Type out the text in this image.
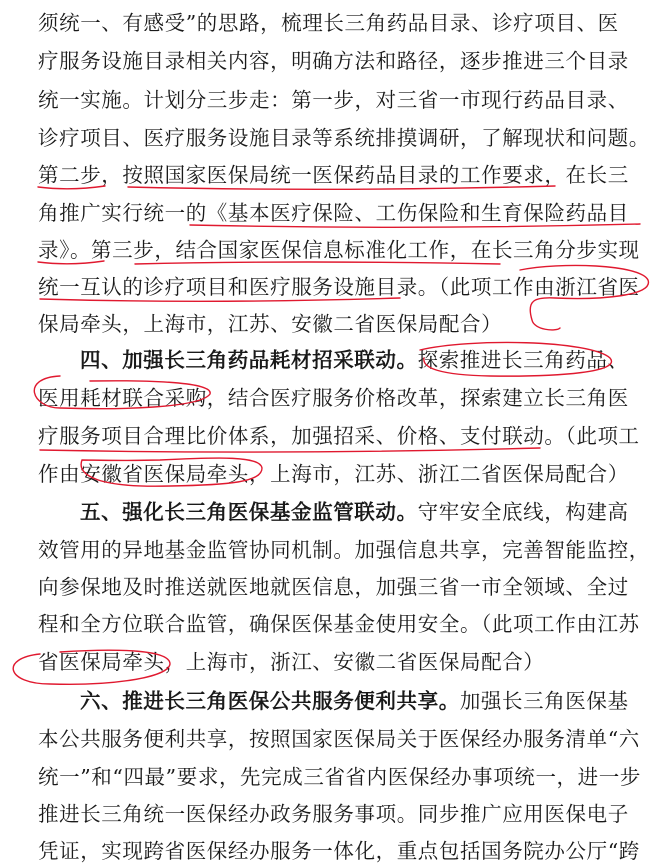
须统一、有感受”的思路，梳理长三角药品目录、诊疗项目、医
疗服务设施目录相关内容，明确方法和路径，逐步推进三个目录
统一实施。计划分三步走：第一步，对三省一市现行药品目录、
诊疗项目、医疗服务设施目录等系统排摸调研，了解现状和问题。
第二步，按照国家医保局统一医保药品目录的工作要求，在长三
角推广实行统一的《基本医疗保险、工伤保险和生育保险药品目
录》。第三步，结合国家医保信息标准化工作，在长三角分步实现
统一互认的诊疗项目和医疗服务设施目录。（此项工作由浙江省医
保局牵头，上海市，江苏、安徽二省医保局配合）
四、加强长三角药品耗材招采联动。探索推进长三角药品、
医用耗材联合采购，结合医疗服务价格改革，探索建立长三角医
疗服务项目合理比价体系，加强招采、价格、支付联动。（此项工
作由安徽省医保局牵头，上海市，江苏、浙江二省医保局配合）
五、强化长三角医保基金监管联动。守牢安全底线，构建高
效管用的异地基金监管协同机制。加强信息共享，完善智能监控，
向参保地及时推送就医地就医信息，加强三省一市全领域、全过
程和全方位联合监管，确保医保基金使用安全。（此项工作由江苏
省医保局牵头，上海市，浙江、安徽二省医保局配合）
六、推进长三角医保公共服务便利共享。加强长三角医保基
本公共服务便利共享，按照国家医保局关于医保经办服务清单“六
统一”和“四最”要求，先完成三省省内医保经办事项统一，进一步
推进长三角统一医保经办政务服务事项。同步推广应用医保电子
凭证，实现跨省医保经办服务一体化，重点包括国务院办公厅“跨
